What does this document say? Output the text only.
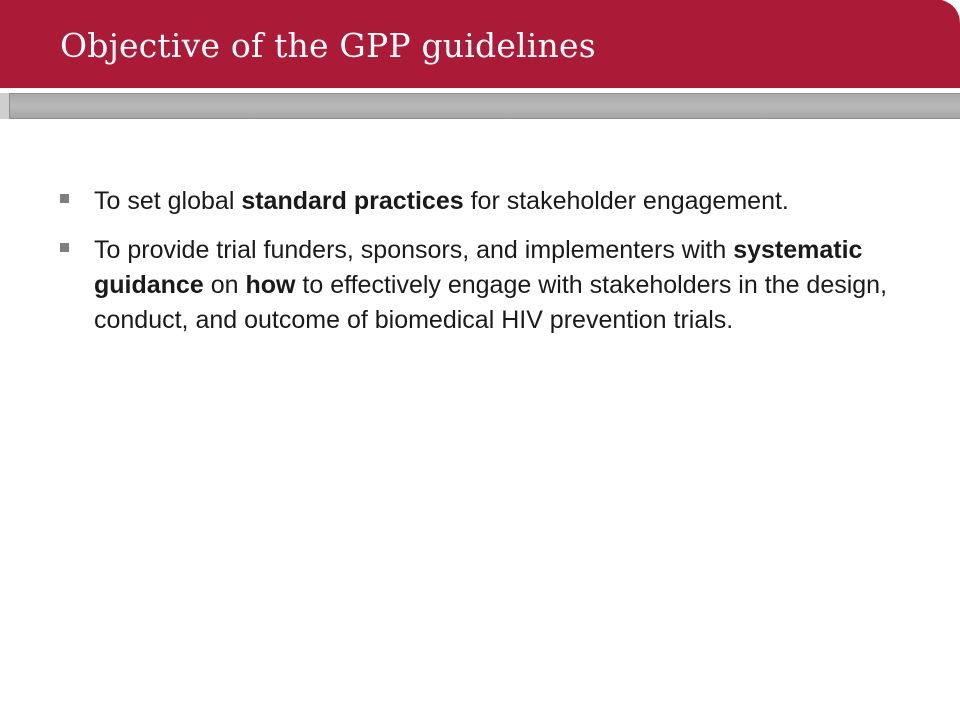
Objective of the GPP guidelines
To set global standard practices for stakeholder engagement.
To provide trial funders, sponsors, and implementers with systematic guidance on how to effectively engage with stakeholders in the design, conduct, and outcome of biomedical HIV prevention trials.
